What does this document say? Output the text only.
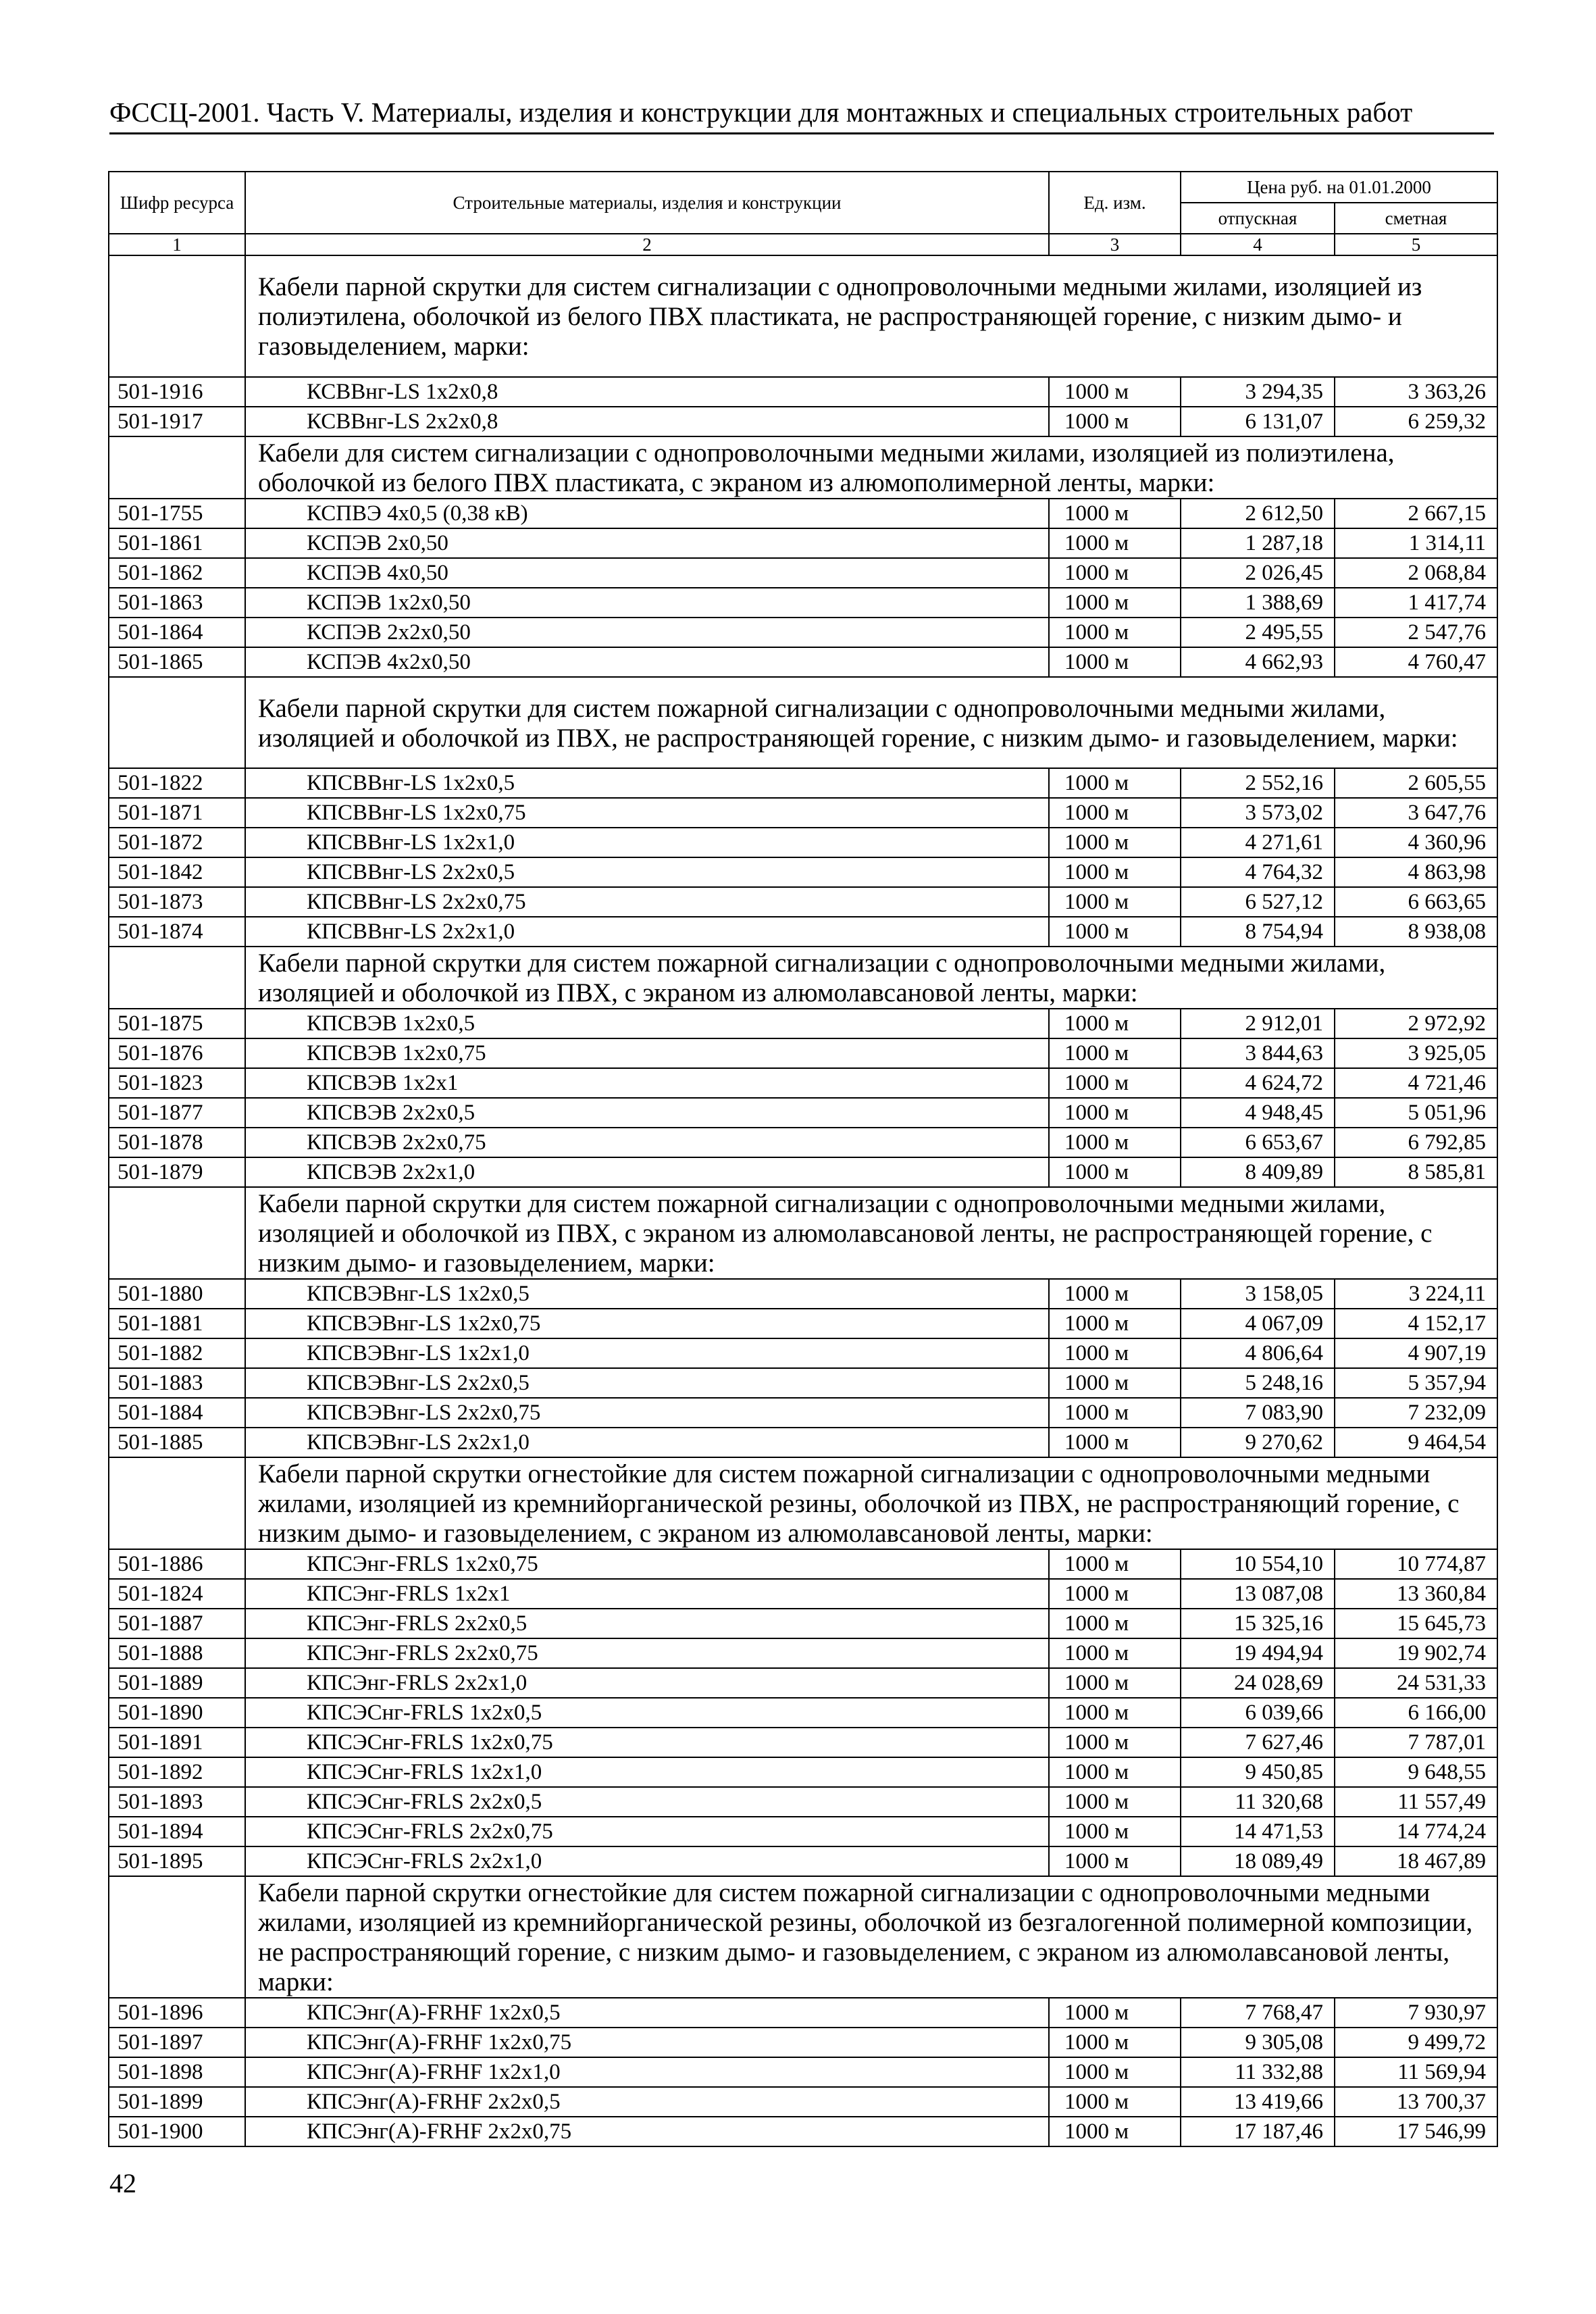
ФССЦ-2001. Часть V. Материалы, изделия и конструкции для монтажных и специальных строительных работ
Шифр ресурса	Строительные материалы, изделия и конструкции	Ед. изм.	Цена руб. на 01.01.2000	
			отпускная	сметная
1	2	3	4	5
	Кабели парной скрутки для систем сигнализации с однопроволочными медными жилами, изоляцией из полиэтилена, оболочкой из белого ПВХ пластиката, не распространяющей горение, с низким дымо- и газовыделением, марки:			
501-1916	КСВВнг-LS 1x2x0,8	1000 м	3 294,35	3 363,26
501-1917	КСВВнг-LS 2x2x0,8	1000 м	6 131,07	6 259,32
	Кабели для систем сигнализации с однопроволочными медными жилами, изоляцией из полиэтилена, оболочкой из белого ПВХ пластиката, с экраном из алюмополимерной ленты, марки:			
501-1755	КСПВЭ 4x0,5 (0,38 кВ)	1000 м	2 612,50	2 667,15
501-1861	КСПЭВ 2x0,50	1000 м	1 287,18	1 314,11
501-1862	КСПЭВ 4x0,50	1000 м	2 026,45	2 068,84
501-1863	КСПЭВ 1x2x0,50	1000 м	1 388,69	1 417,74
501-1864	КСПЭВ 2x2x0,50	1000 м	2 495,55	2 547,76
501-1865	КСПЭВ 4x2x0,50	1000 м	4 662,93	4 760,47
	Кабели парной скрутки для систем пожарной сигнализации с однопроволочными медными жилами, изоляцией и оболочкой из ПВХ, не распространяющей горение, с низким дымо- и газовыделением, марки:			
501-1822	КПСВВнг-LS 1x2x0,5	1000 м	2 552,16	2 605,55
501-1871	КПСВВнг-LS 1x2x0,75	1000 м	3 573,02	3 647,76
501-1872	КПСВВнг-LS 1x2x1,0	1000 м	4 271,61	4 360,96
501-1842	КПСВВнг-LS 2x2x0,5	1000 м	4 764,32	4 863,98
501-1873	КПСВВнг-LS 2x2x0,75	1000 м	6 527,12	6 663,65
501-1874	КПСВВнг-LS 2x2x1,0	1000 м	8 754,94	8 938,08
	Кабели парной скрутки для систем пожарной сигнализации с однопроволочными медными жилами, изоляцией и оболочкой из ПВХ, с экраном из алюмолавсановой ленты, марки:			
501-1875	КПСВЭВ 1x2x0,5	1000 м	2 912,01	2 972,92
501-1876	КПСВЭВ 1x2x0,75	1000 м	3 844,63	3 925,05
501-1823	КПСВЭВ 1x2x1	1000 м	4 624,72	4 721,46
501-1877	КПСВЭВ 2x2x0,5	1000 м	4 948,45	5 051,96
501-1878	КПСВЭВ 2x2x0,75	1000 м	6 653,67	6 792,85
501-1879	КПСВЭВ 2x2x1,0	1000 м	8 409,89	8 585,81
	Кабели парной скрутки для систем пожарной сигнализации с однопроволочными медными жилами, изоляцией и оболочкой из ПВХ, с экраном из алюмолавсановой ленты, не распространяющей горение, с низким дымо- и газовыделением, марки:			
501-1880	КПСВЭВнг-LS 1x2x0,5	1000 м	3 158,05	3 224,11
501-1881	КПСВЭВнг-LS 1x2x0,75	1000 м	4 067,09	4 152,17
501-1882	КПСВЭВнг-LS 1x2x1,0	1000 м	4 806,64	4 907,19
501-1883	КПСВЭВнг-LS 2x2x0,5	1000 м	5 248,16	5 357,94
501-1884	КПСВЭВнг-LS 2x2x0,75	1000 м	7 083,90	7 232,09
501-1885	КПСВЭВнг-LS 2x2x1,0	1000 м	9 270,62	9 464,54
	Кабели парной скрутки огнестойкие для систем пожарной сигнализации с однопроволочными медными жилами, изоляцией из кремнийорганической резины, оболочкой из ПВХ, не распространяющий горение, с низким дымо- и газовыделением, с экраном из алюмолавсановой ленты, марки:			
501-1886	КПСЭнг-FRLS 1x2x0,75	1000 м	10 554,10	10 774,87
501-1824	КПСЭнг-FRLS 1x2x1	1000 м	13 087,08	13 360,84
501-1887	КПСЭнг-FRLS 2x2x0,5	1000 м	15 325,16	15 645,73
501-1888	КПСЭнг-FRLS 2x2x0,75	1000 м	19 494,94	19 902,74
501-1889	КПСЭнг-FRLS 2x2x1,0	1000 м	24 028,69	24 531,33
501-1890	КПСЭСнг-FRLS 1x2x0,5	1000 м	6 039,66	6 166,00
501-1891	КПСЭСнг-FRLS 1x2x0,75	1000 м	7 627,46	7 787,01
501-1892	КПСЭСнг-FRLS 1x2x1,0	1000 м	9 450,85	9 648,55
501-1893	КПСЭСнг-FRLS 2x2x0,5	1000 м	11 320,68	11 557,49
501-1894	КПСЭСнг-FRLS 2x2x0,75	1000 м	14 471,53	14 774,24
501-1895	КПСЭСнг-FRLS 2x2x1,0	1000 м	18 089,49	18 467,89
	Кабели парной скрутки огнестойкие для систем пожарной сигнализации с однопроволочными медными жилами, изоляцией из кремнийорганической резины, оболочкой из безгалогенной полимерной композиции, не распространяющий горение, с низким дымо- и газовыделением, с экраном из алюмолавсановой ленты, марки:			
501-1896	КПСЭнг(А)-FRHF 1x2x0,5	1000 м	7 768,47	7 930,97
501-1897	КПСЭнг(А)-FRHF 1x2x0,75	1000 м	9 305,08	9 499,72
501-1898	КПСЭнг(А)-FRHF 1x2x1,0	1000 м	11 332,88	11 569,94
501-1899	КПСЭнг(А)-FRHF 2x2x0,5	1000 м	13 419,66	13 700,37
501-1900	КПСЭнг(А)-FRHF 2x2x0,75	1000 м	17 187,46	17 546,99
42
